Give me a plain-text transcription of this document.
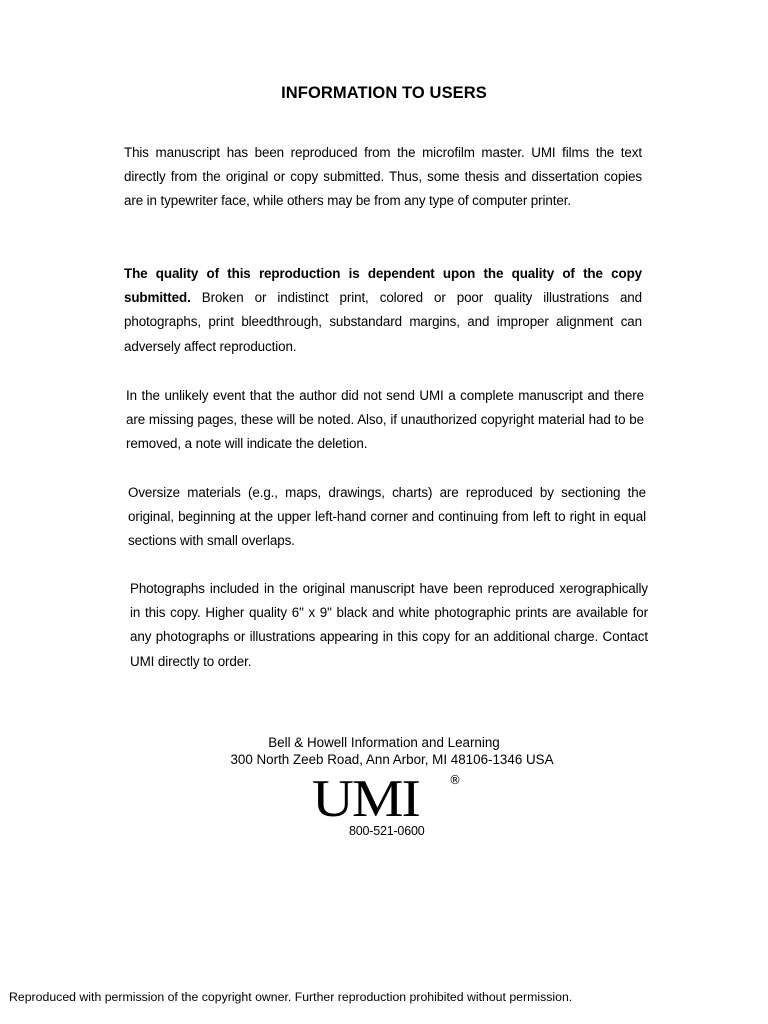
INFORMATION TO USERS
This manuscript has been reproduced from the microfilm master. UMI films the text directly from the original or copy submitted. Thus, some thesis and dissertation copies are in typewriter face, while others may be from any type of computer printer.
The quality of this reproduction is dependent upon the quality of the copy submitted. Broken or indistinct print, colored or poor quality illustrations and photographs, print bleedthrough, substandard margins, and improper alignment can adversely affect reproduction.
In the unlikely event that the author did not send UMI a complete manuscript and there are missing pages, these will be noted. Also, if unauthorized copyright material had to be removed, a note will indicate the deletion.
Oversize materials (e.g., maps, drawings, charts) are reproduced by sectioning the original, beginning at the upper left-hand corner and continuing from left to right in equal sections with small overlaps.
Photographs included in the original manuscript have been reproduced xerographically in this copy. Higher quality 6" x 9" black and white photographic prints are available for any photographs or illustrations appearing in this copy for an additional charge. Contact UMI directly to order.
Bell & Howell Information and Learning
300 North Zeeb Road, Ann Arbor, MI 48106-1346 USA
UMI	®
800-521-0600
Reproduced with permission of the copyright owner. Further reproduction prohibited without permission.
